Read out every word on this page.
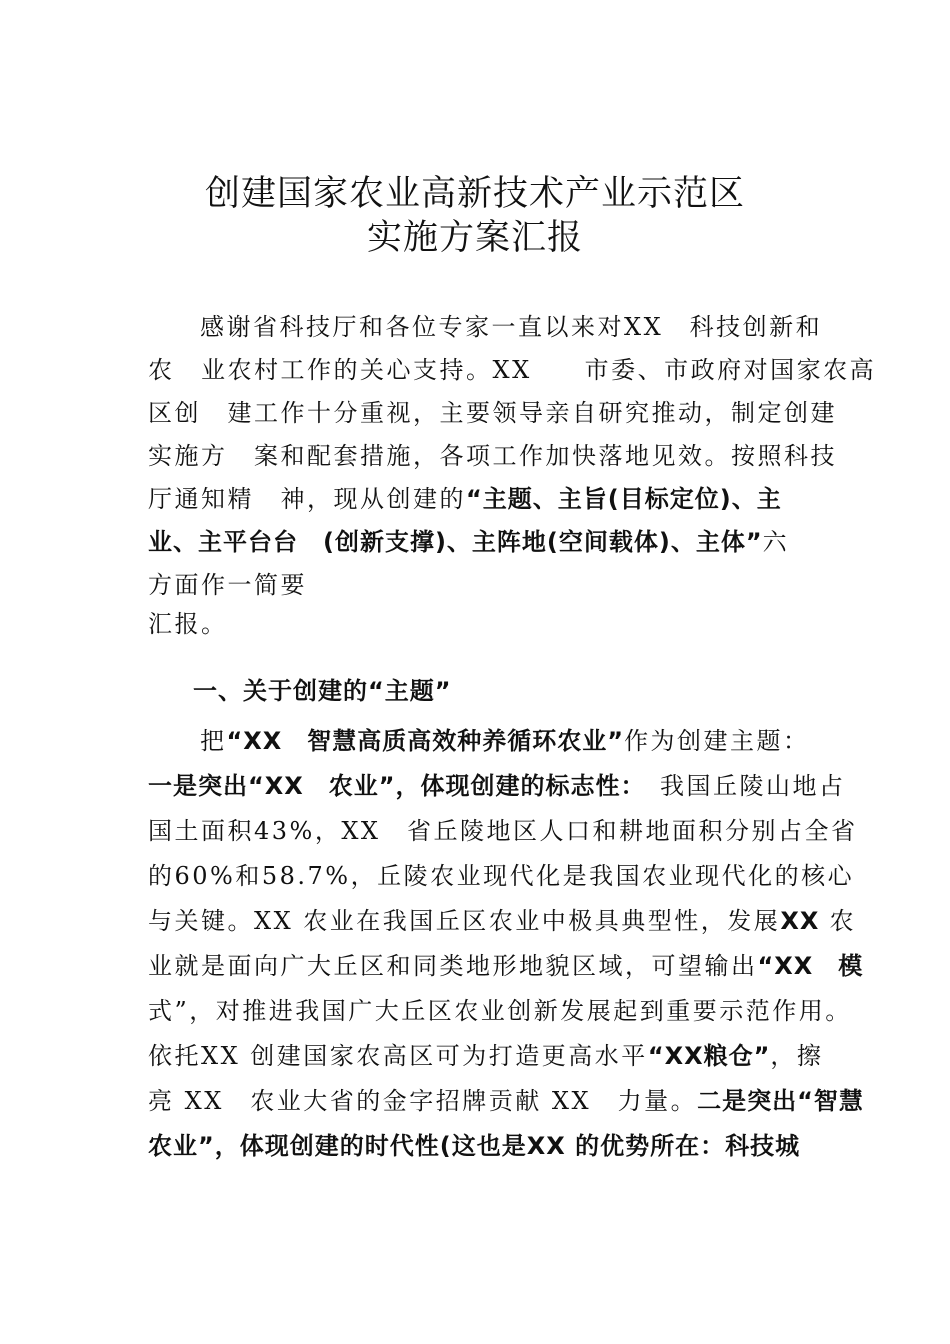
创建国家农业高新技术产业示范区
实施方案汇报
感谢省科技厅和各位专家一直以来对XX　科技创新和
农　业农村工作的关心支持。XX　　市委、市政府对国家农高
区创　建工作十分重视，主要领导亲自研究推动，制定创建
实施方　案和配套措施，各项工作加快落地见效。按照科技
厅通知精　神，现从创建的“主题、主旨(目标定位)、主
业、主平台台　(创新支撑)、主阵地(空间载体)、主体”六
方面作一简要
汇报。
一、关于创建的“主题”
把“XX　智慧高质高效种养循环农业”作为创建主题：
一是突出“XX　农业”，体现创建的标志性：　我国丘陵山地占
国土面积43%，XX　省丘陵地区人口和耕地面积分别占全省
的60%和58.7%，丘陵农业现代化是我国农业现代化的核心
与关键。XX 农业在我国丘区农业中极具典型性，发展XX 农
业就是面向广大丘区和同类地形地貌区域，可望输出“XX　模
式”，对推进我国广大丘区农业创新发展起到重要示范作用。
依托XX 创建国家农高区可为打造更高水平“XX粮仓”，擦
亮 XX　农业大省的金字招牌贡献 XX　力量。二是突出“智慧
农业”，体现创建的时代性(这也是XX 的优势所在：科技城
